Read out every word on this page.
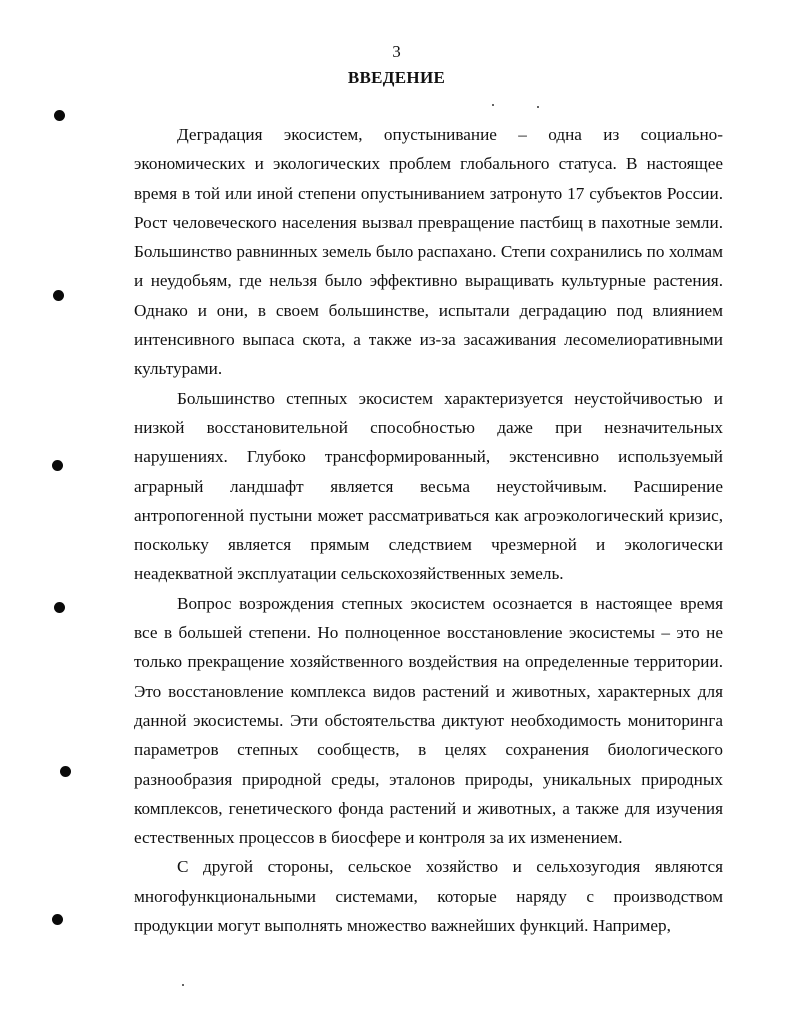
3
ВВЕДЕНИЕ

Деградация экосистем, опустынивание – одна из социально-экономических и экологических проблем глобального статуса. В настоящее время в той или иной степени опустыниванием затронуто 17 субъектов России. Рост человеческого населения вызвал превращение пастбищ в пахотные земли. Большинство равнинных земель было распахано. Степи сохранились по холмам и неудобьям, где нельзя было эффективно выращивать культурные растения. Однако и они, в своем большинстве, испытали деградацию под влиянием интенсивного выпаса скота, а также из-за засаживания лесомелиоративными культурами.

Большинство степных экосистем характеризуется неустойчивостью и низкой восстановительной способностью даже при незначительных нарушениях. Глубоко трансформированный, экстенсивно используемый аграрный ландшафт является весьма неустойчивым. Расширение антропогенной пустыни может рассматриваться как агроэкологический кризис, поскольку является прямым следствием чрезмерной и экологически неадекватной эксплуатации сельскохозяйственных земель.

Вопрос возрождения степных экосистем осознается в настоящее время все в большей степени. Но полноценное восстановление экосистемы – это не только прекращение хозяйственного воздействия на определенные территории. Это восстановление комплекса видов растений и животных, характерных для данной экосистемы. Эти обстоятельства диктуют необходимость мониторинга параметров степных сообществ, в целях сохранения биологического разнообразия природной среды, эталонов природы, уникальных природных комплексов, генетического фонда растений и животных, а также для изучения естественных процессов в биосфере и контроля за их изменением.

С другой стороны, сельское хозяйство и сельхозугодия являются многофункциональными системами, которые наряду с производством продукции могут выполнять множество важнейших функций. Например,
